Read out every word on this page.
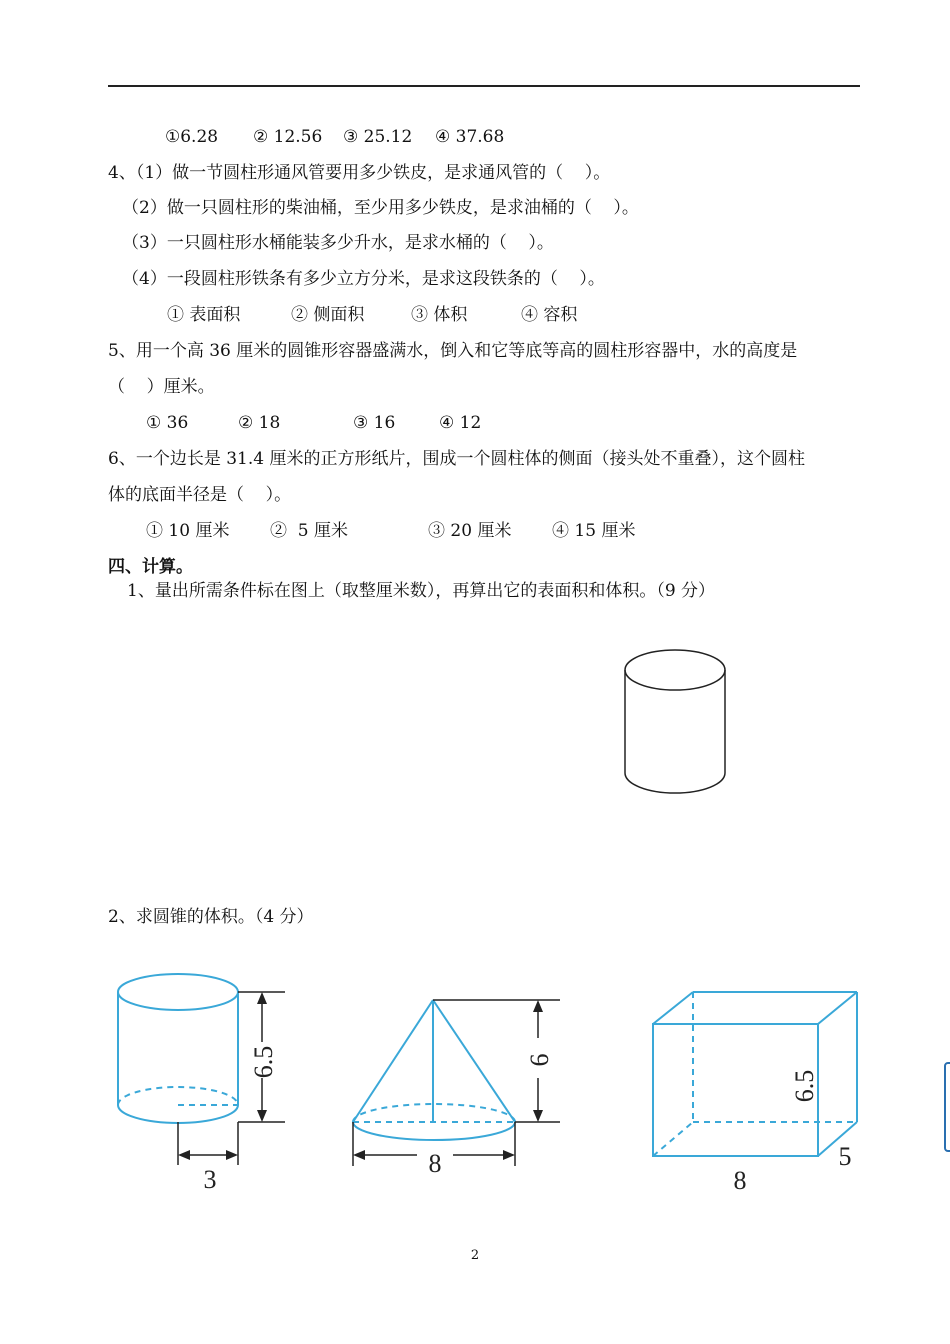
①6.28 ② 12.56 ③ 25.12 ④ 37.68
4、（1）做一节圆柱形通风管要用多少铁皮，是求通风管的（    ）。
（2）做一只圆柱形的柴油桶，至少用多少铁皮，是求油桶的（    ）。
（3）一只圆柱形水桶能装多少升水，是求水桶的（    ）。
（4）一段圆柱形铁条有多少立方分米，是求这段铁条的（    ）。
① 表面积	② 侧面积	③ 体积	④ 容积
5、用一个高 36 厘米的圆锥形容器盛满水，倒入和它等底等高的圆柱形容器中，水的高度是
（    ）厘米。
① 36	② 18	③ 16	④ 12
6、一个边长是 31.4 厘米的正方形纸片，围成一个圆柱体的侧面（接头处不重叠），这个圆柱
体的底面半径是（    ）。
① 10 厘米 ②  5 厘米	③ 20 厘米 ④ 15 厘米
四、计算。
1、量出所需条件标在图上（取整厘米数），再算出它的表面积和体积。（9 分）
2、求圆锥的体积。（4 分）
6.5
3
6
8
6.5
8
5
2
